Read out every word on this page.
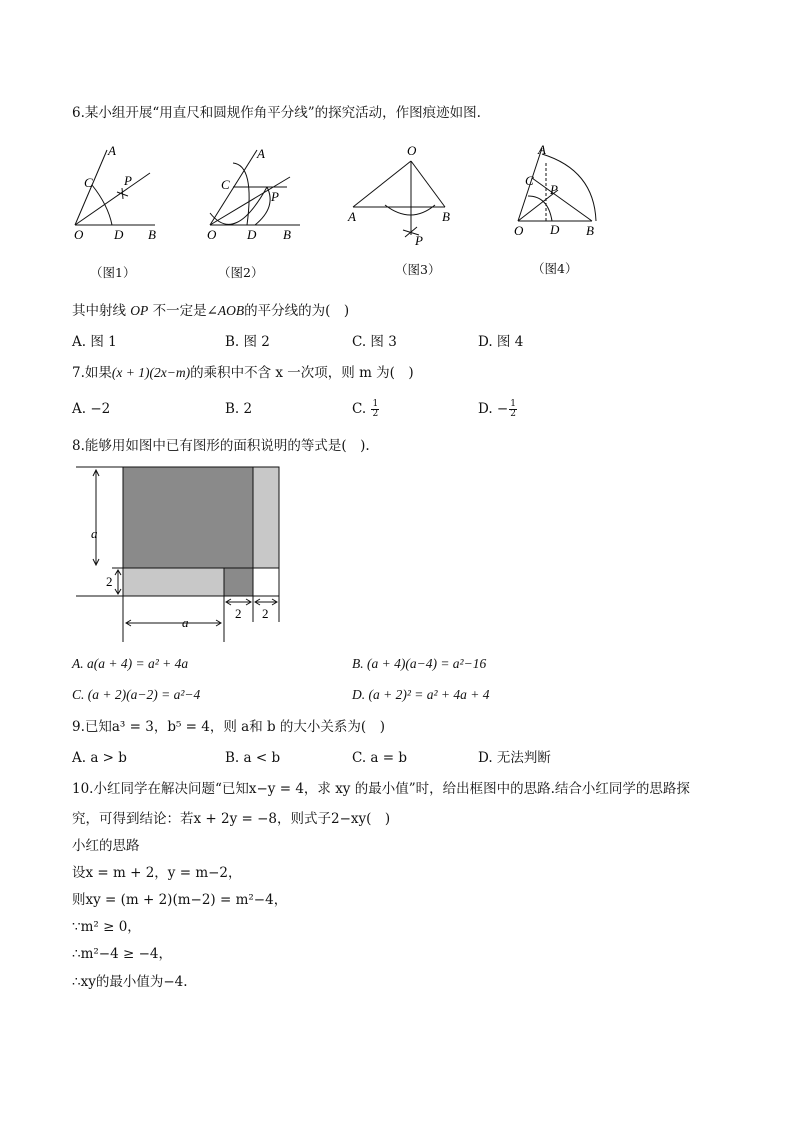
6.某小组开展“用直尺和圆规作角平分线”的探究活动，作图痕迹如图.
A
C P
O D B
（图1）
A
C
P
O D B
（图2）
O
A	B
P
（图3）
A
C
P
O D B
（图4）
其中射线 OP 不一定是∠AOB的平分线的为(　)
A. 图 1	B. 图 2	C. 图 3	D. 图 4
7.如果(x + 1)(2x−m)的乘积中不含 x 一次项，则 m 为(　)
A. −2	B. 2	C. $\frac{1}{2}$	D. − $\frac{1}{2}$
8.能够用如图中已有图形的面积说明的等式是(　).
a
2
2 2
a
A. a(a + 4) = a² + 4a	B. (a + 4)(a−4) = a²−16
C. (a + 2)(a−2) = a²−4	D. (a + 2)² = a² + 4a + 4
9.已知a³ = 3，b⁵ = 4，则 a和 b 的大小关系为(　)
A. a > b	B. a < b	C. a = b	D. 无法判断
10.小红同学在解决问题“已知x−y = 4，求 xy 的最小值”时，给出框图中的思路.结合小红同学的思路探
究，可得到结论：若x + 2y = −8，则式子2−xy(　)
小红的思路
设x = m + 2，y = m−2，
则xy = (m + 2)(m−2) = m²−4，
∵m² ≥ 0，
∴m²−4 ≥ −4，
∴xy的最小值为−4.
